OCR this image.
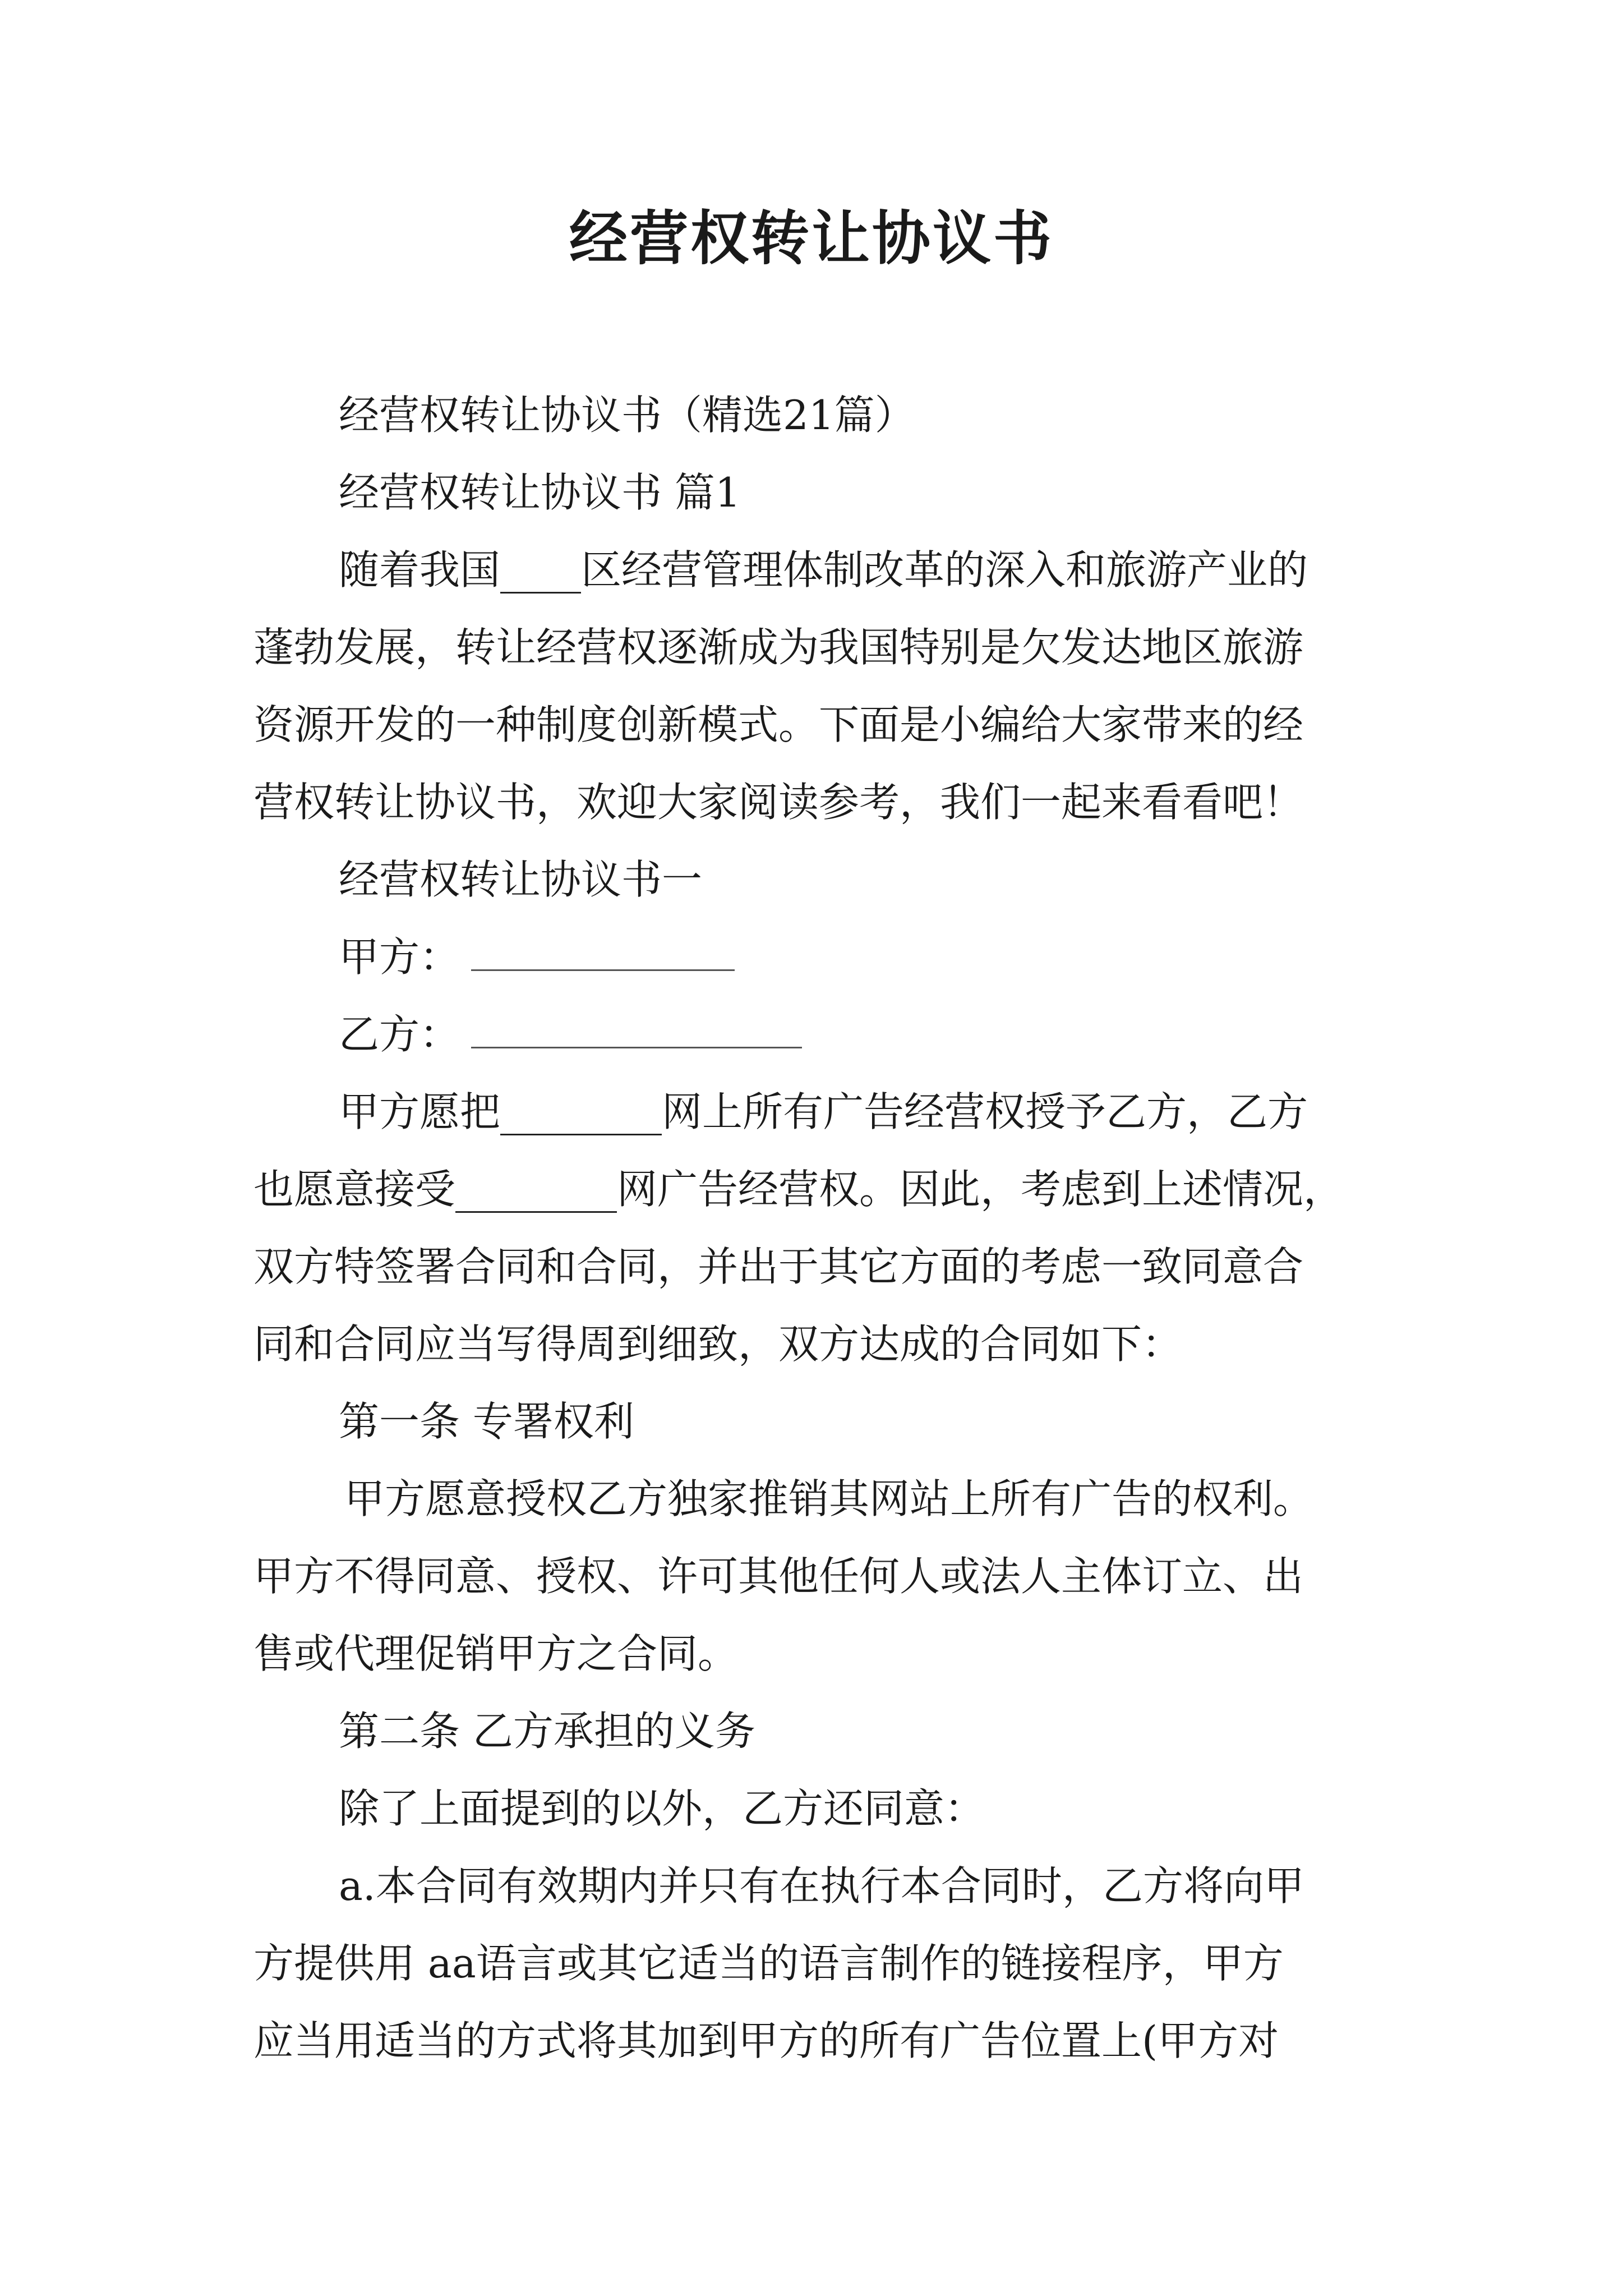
经营权转让协议书
经营权转让协议书（精选21篇）
经营权转让协议书 篇1
随着我国____区经营管理体制改革的深入和旅游产业的
蓬勃发展，转让经营权逐渐成为我国特别是欠发达地区旅游
资源开发的一种制度创新模式。下面是小编给大家带来的经
营权转让协议书，欢迎大家阅读参考，我们一起来看看吧！
经营权转让协议书一
甲方：
乙方：
甲方愿把________网上所有广告经营权授予乙方，乙方
也愿意接受________网广告经营权。因此，考虑到上述情况，
双方特签署合同和合同，并出于其它方面的考虑一致同意合
同和合同应当写得周到细致，双方达成的合同如下：
第一条 专署权利
甲方愿意授权乙方独家推销其网站上所有广告的权利。
甲方不得同意、授权、许可其他任何人或法人主体订立、出
售或代理促销甲方之合同。
第二条 乙方承担的义务
除了上面提到的以外，乙方还同意：
a.本合同有效期内并只有在执行本合同时，乙方将向甲
方提供用 aa语言或其它适当的语言制作的链接程序，甲方
应当用适当的方式将其加到甲方的所有广告位置上(甲方对
